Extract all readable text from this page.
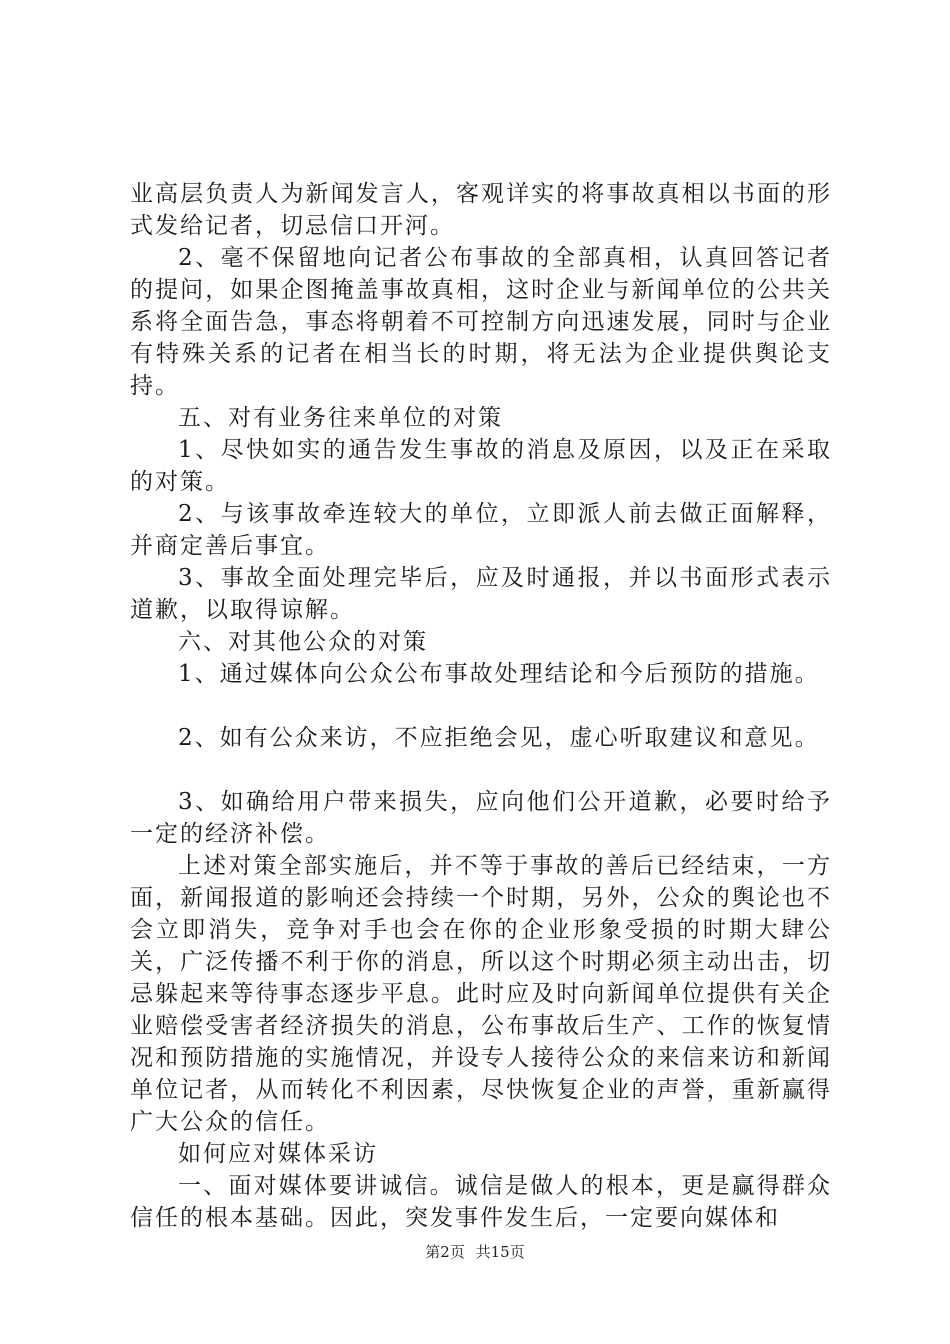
业高层负责人为新闻发言人，客观详实的将事故真相以书面的形式发给记者，切忌信口开河。

2、毫不保留地向记者公布事故的全部真相，认真回答记者的提问，如果企图掩盖事故真相，这时企业与新闻单位的公共关系将全面告急，事态将朝着不可控制方向迅速发展，同时与企业有特殊关系的记者在相当长的时期，将无法为企业提供舆论支持。

五、对有业务往来单位的对策

1、尽快如实的通告发生事故的消息及原因，以及正在采取的对策。

2、与该事故牵连较大的单位，立即派人前去做正面解释，并商定善后事宜。

3、事故全面处理完毕后，应及时通报，并以书面形式表示道歉，以取得谅解。

六、对其他公众的对策

1、通过媒体向公众公布事故处理结论和今后预防的措施。

2、如有公众来访，不应拒绝会见，虚心听取建议和意见。

3、如确给用户带来损失，应向他们公开道歉，必要时给予一定的经济补偿。

上述对策全部实施后，并不等于事故的善后已经结束，一方面，新闻报道的影响还会持续一个时期，另外，公众的舆论也不会立即消失，竞争对手也会在你的企业形象受损的时期大肆公关，广泛传播不利于你的消息，所以这个时期必须主动出击，切忌躲起来等待事态逐步平息。此时应及时向新闻单位提供有关企业赔偿受害者经济损失的消息，公布事故后生产、工作的恢复情况和预防措施的实施情况，并设专人接待公众的来信来访和新闻单位记者，从而转化不利因素，尽快恢复企业的声誉，重新赢得广大公众的信任。

如何应对媒体采访

一、面对媒体要讲诚信。诚信是做人的根本，更是赢得群众信任的根本基础。因此，突发事件发生后，一定要向媒体和

第2页 共15页
